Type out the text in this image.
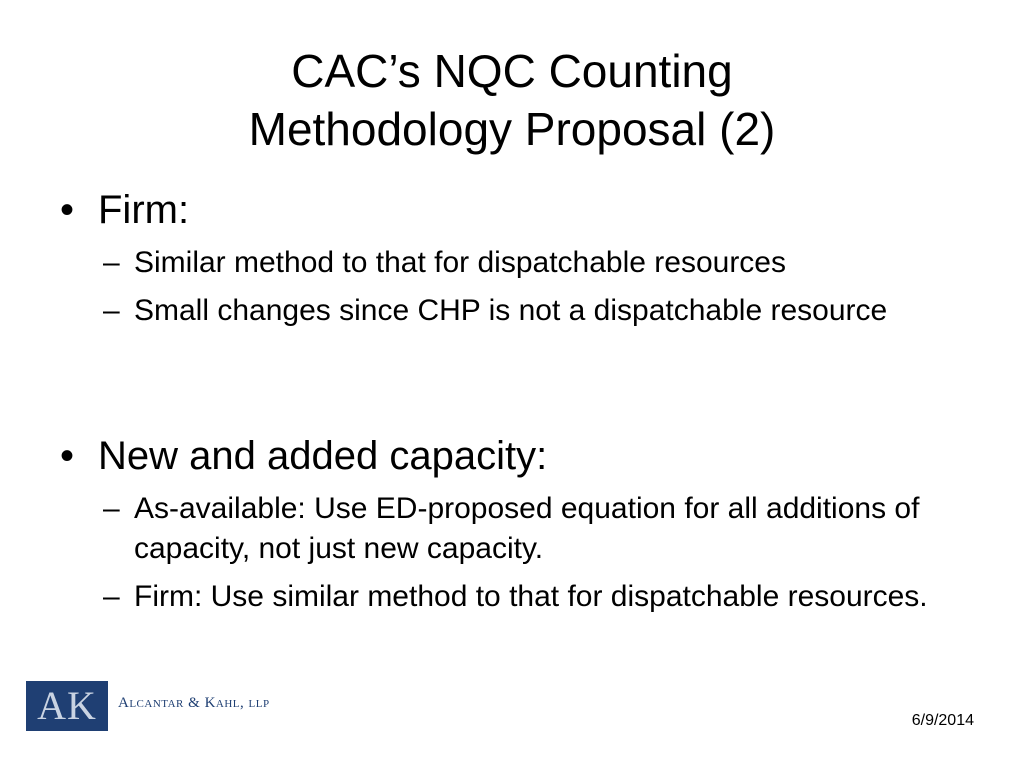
CAC’s NQC Counting
Methodology Proposal (2)
• Firm:
– Similar method to that for dispatchable resources
– Small changes since CHP is not a dispatchable resource
• New and added capacity:
– As-available: Use ED-proposed equation for all additions of capacity, not just new capacity.
– Firm: Use similar method to that for dispatchable resources.
AK	Alcantar & Kahl, llp
6/9/2014
